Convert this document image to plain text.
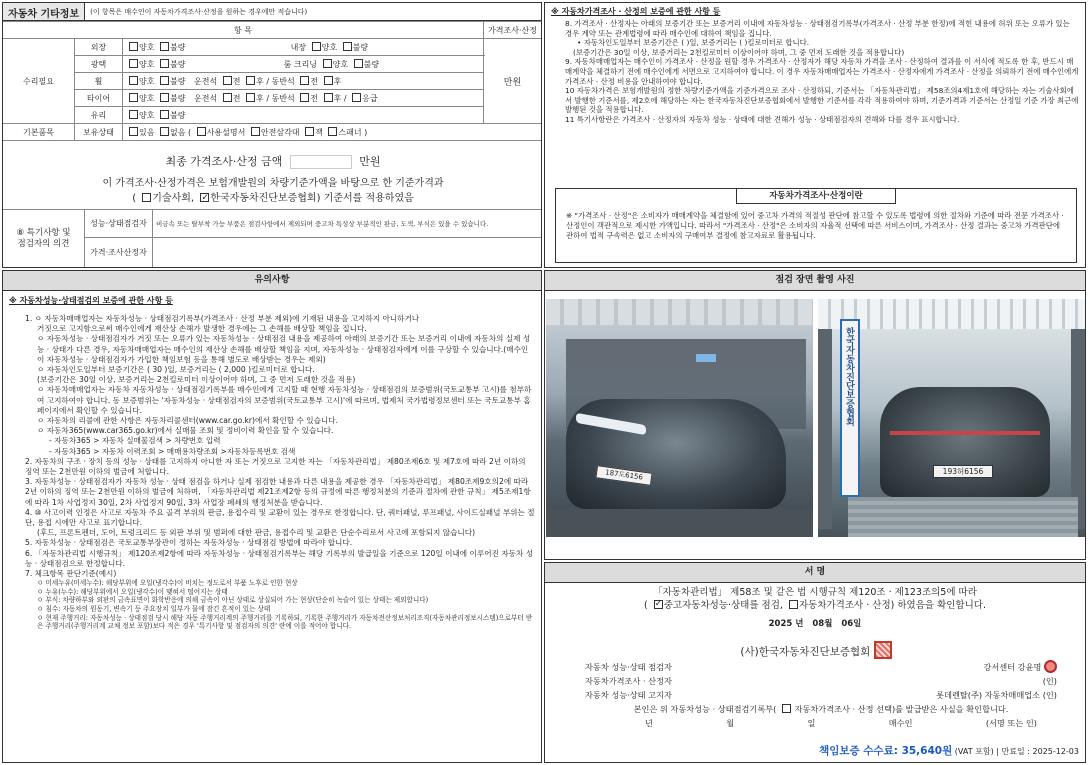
자동차 기타정보	(이 항목은 매수인이 자동차가격조사·산정을 원하는 경우에만 적습니다)
항 목			가격조사·산정
수리필요	외장	양호 불량 내장 양호 불량	만원
	광택	양호 불량 룸 크리닝 양호 불량	
	휠	양호 불량 운전석 전 후 / 동반석 전 후	
	타이어	양호 불량 운전석 전 후 / 동반석 전 후 / 응급	
	유리	양호 불량	
기본품목	보유상태	있음 없음 ( 사용설명서 안전삼각대 잭 스패너 )	
최종 가격조사·산정 금액	만원
이 가격조사·산정가격은 보험개발원의 차량기준가액을 바탕으로 한 기준가격과
( 기술사회, ✓ 한국자동차진단보증협회) 기준서를 적용하였음
⑧ 특기사항 및
점검자의 의견	성능·상태점검자	비금속 또는 탈부착 가능 부품은 점검사항에서 제외되며 중고차 특성상 부분적인 판금, 도색, 부식은 있을 수 있습니다.
	가격·조사산정자	
※ 자동차가격조사 · 산정의 보증에 관한 사항 등
8. 가격조사 · 산정자는 아래의 보증기간 또는 보증거리 이내에 자동차성능 · 상태점검기록부(가격조사 · 산정 부분 한정)에 적힌 내용에 허위 또는 오류가 있는 경우 계약 또는 관계법령에 따라 매수인에 대하여 책임을 집니다.
• 자동차인도일부터 보증기간은 ( )일, 보증거리는 ( )킬로미터로 합니다.
(보증기간은 30일 이상, 보증거리는 2천킬로미터 이상이어야 하며, 그 중 먼저 도래한 것을 적용합니다)
9. 자동차매매업자는 매수인이 가격조사 · 산정을 원할 경우 가격조사 · 산정자가 해당 자동차 가격을 조사 · 산정하여 결과를 이 서식에 적도록 한 후, 반드시 매매계약을 체결하기 전에 매수인에게 서면으로 고지하여야 합니다. 이 경우 자동차매매업자는 가격조사 · 산정자에게 가격조사 · 산정을 의뢰하기 전에 매수인에게 가격조사 · 산정 비용을 안내하여야 합니다.
10 자동차가격은 보험개발원의 정한 차량기준가액을 기준가격으로 조사 · 산정하되, 기준서는 「자동차관리법」 제58조의4제1호에 해당하는 자는 기술사회에서 발행한 기준서를, 제2호에 해당하는 자는 한국자동차진단보증협회에서 발행한 기준서를 각각 적용하여야 하며, 기준가격과 기준서는 산정일 기준 가장 최근에 발행된 것을 적용합니다.
11 특기사항란은 가격조사 · 산정자의 자동차 성능 · 상태에 대한 견해가 성능 · 상태점검자의 견해와 다를 경우 표시합니다.
자동차가격조사·산정이란
※ "가격조사 · 산정"은 소비자가 매매계약을 체결함에 있어 중고차 가격의 적절성 판단에 참고할 수 있도록 법령에 의한 절차와 기준에 따라 전문 가격조사 · 산정인이 객관적으로 제시한 가액입니다. 따라서 "가격조사 · 산정"은 소비자의 자율적 선택에 따른 서비스이며, 가격조사 · 산정 결과는 중고차 가격판단에 관하여 법적 구속력은 없고 소비자의 구매여부 결정에 참고자료로 활용됩니다.
유의사항
※ 자동차성능·상태점검의 보증에 관한 사항 등
1. ㅇ 자동차매매업자는 자동차성능 · 상태점검기록부(가격조사 · 산정 부분 제외)에 기재된 내용을 고지하지 아니하거나
거짓으로 고지함으로써 매수인에게 재산상 손해가 발생한 경우에는 그 손해를 배상할 책임을 집니다.
ㅇ 자동차성능 · 상태점검자가 거짓 또는 오류가 있는 자동차성능 · 상태점검 내용을 제공하여 아래의 보증기간 또는 보증거리 이내에 자동차의 실제 성능 · 상태가 다른 경우, 자동차매매업자는 매수인의 재산상 손해를 배상할 책임을 지며, 자동차성능 · 상태점검자에게 이를 구상할 수 있습니다.(매수인이 자동차성능 · 상태점검자가 가입한 책임보험 등을 통해 별도로 배상받는 경우는 제외)
ㅇ 자동차인도일부터 보증기간은 ( 30 )일, 보증거리는 ( 2,000 )킬로미터로 합니다.
(보증기간은 30일 이상, 보증거리는 2천킬로미터 이상이어야 하며, 그 중 먼저 도래한 것을 적용)
ㅇ 자동차매매업자는 자동차 자동차성능 · 상태점검기록부를 매수인에게 고지할 때 현행 자동차성능 · 상태점검의 보증범위(국토교통부 고시)를 첨부하여 고지하여야 합니다. 동 보증범위는 '자동차성능 · 상태점검자의 보증범위(국토교통부 고시)'에 따르며, 법제처 국가법령정보센터 또는 국토교통부 홈페이지에서 확인할 수 있습니다.
ㅇ 자동차의 리콜에 관한 사항은 자동차리콜센터(www.car.go.kr)에서 확인할 수 있습니다.
ㅇ 자동차365(www.car365.go.kr)에서 실매물 조회 및 정비이력 확인을 할 수 있습니다.
- 자동차365 > 자동차 실매물검색 > 차량번호 입력
- 자동차365 > 자동차 이력조회 > 매매용차량조회 >자동차등록번호 검색
2. 자동차의 구조 · 장치 등의 성능 · 상태를 고지하지 아니한 자 또는 거짓으로 고지한 자는 「자동차관리법」 제80조제6호 및 제7호에 따라 2년 이하의 징역 또는 2천만원 이하의 벌금에 처합니다.
3. 자동차성능 · 상태점검자가 자동차 성능 · 상태 점검을 하거나 실제 점검한 내용과 다른 내용을 제공한 경우 「자동차관리법」 제80조제9호의2에 따라 2년 이하의 징역 또는 2천만원 이하의 벌금에 처하며, 「자동차관리법 제21조제2항 등의 규정에 따른 행정처분의 기준과 절차에 관한 규칙」 제5조제1항에 따라 1차 사업정지 30일, 2차 사업정지 90일, 3차 사업장 폐쇄의 행정처분을 받습니다.
4. ⑩ 사고이력 인정은 사고로 자동차 주요 골격 부위의 판금, 용접수리 및 교환이 있는 경우로 한정합니다. 단, 쿼터패널, 루프패널, 사이드실패널 부위는 절단, 용접 시에만 사고로 표기합니다.
(후드, 프론트펜더, 도어, 트렁크리드 등 외판 부위 및 범퍼에 대한 판금, 용접수리 및 교환은 단순수리로서 사고에 포함되지 않습니다)
5. 자동차성능 · 상태점검은 국토교통부장관이 정하는 자동차성능 · 상태점검 방법에 따라야 합니다.
6. 「자동차관리법 시행규칙」 제120조제2항에 따라 자동차성능 · 상태점검기록부는 해당 기록부의 발급일을 기준으로 120일 이내에 이루어진 자동차 성능 · 상태점검으로 한정합니다.
7. 체크항목 판단기준(예시)
ㅇ 미세누유(미세누수): 해당부위에 오일(냉각수)이 비치는 정도로서 부품 노후로 인한 현상
ㅇ 누유(누수): 해당부위에서 오일(냉각수)이 맺혀서 떨어지는 상태
ㅇ 부식: 차량하부와 외판의 금속표면이 화학반응에 의해 금속이 아닌 상태로 상실되어 가는 현상(단순히 녹슬어 있는 상태는 제외합니다)
ㅇ 침수: 자동차의 원동기, 변속기 등 주요장치 일부가 물에 잠긴 흔적이 있는 상태
ㅇ 현재 주행거리: 자동차성능 · 상태점검 당시 해당 자동 주행거리계의 주행거리를 기록하되, 기록한 주행거리가 자동차전산정보처리조직(자동차관리정보시스템)으로부터 받은 주행거리(주행거리계 교체 정보 포함)보다 적은 경우 '특기사항 및 점검자의 의견' 란에 이를 적어야 합니다.
점검 장면 촬영 사진
187도6156
한국자동차진단보증협회
193허6156
서 명
「자동차관리법」 제58조 및 같은 법 시행규칙 제120조 · 제123조의5에 따라
( ✓ 중고자동차성능·상태를 점검, 자동차가격조사 · 산정) 하였음을 확인합니다.
2025 년 08월 06일
(사)한국자동차진단보증협회
자동차 성능·상태 점검자	강서센터 강윤명
자동차가격조사 · 산정자	(인)
자동차 성능·상태 고지자	롯데렌탈(주) 자동차매매업소 (인)
본인은 위 자동차성능 · 상태점검기록부( 자동차가격조사 · 산정 선택)를 발급받은 사실을 확인합니다.
년	월	일	매수인	(서명 또는 인)
책임보증 수수료: 35,640원 (VAT 포함) | 만료일 : 2025-12-03
